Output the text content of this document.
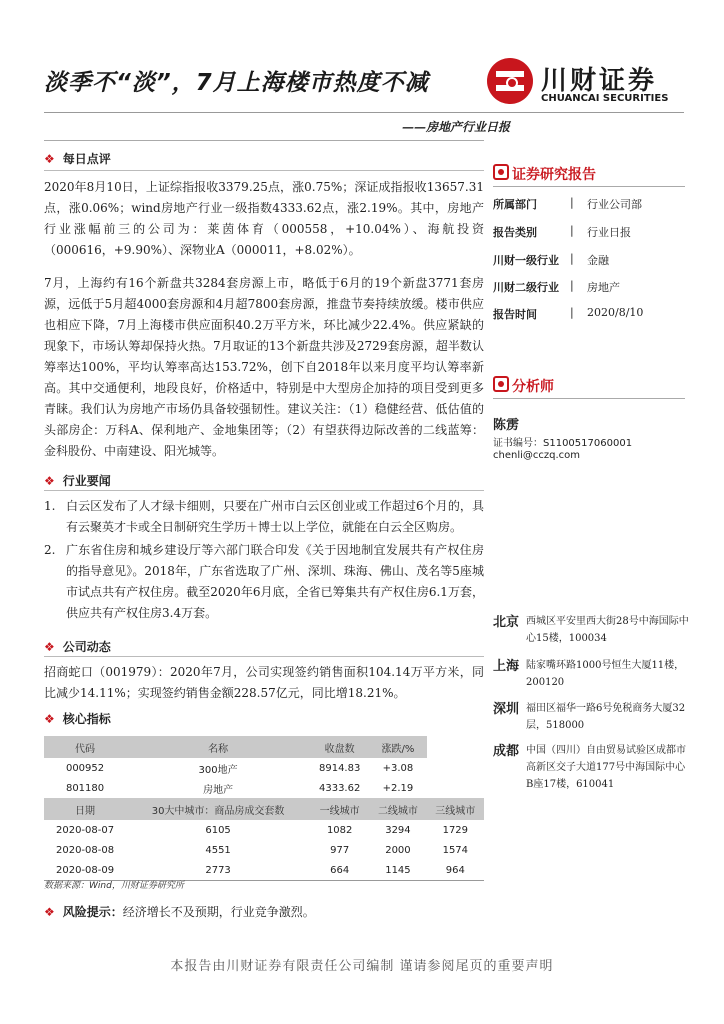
淡季不“淡”，7月上海楼市热度不减	川财证券
CHUANCAI SECURITIES
——房地产行业日报
❖ 每日点评
2020年8月10日，上证综指报收3379.25点，涨0.75%；深证成指报收13657.31点，涨0.06%；wind房地产行业一级指数4333.62点，涨2.19%。其中，房地产行业涨幅前三的公司为：莱茵体育（000558，+10.04%）、海航投资（000616，+9.90%）、深物业A（000011，+8.02%）。
7月，上海约有16个新盘共3284套房源上市，略低于6月的19个新盘3771套房源，远低于5月超4000套房源和4月超7800套房源，推盘节奏持续放缓。楼市供应也相应下降，7月上海楼市供应面积40.2万平方米，环比减少22.4%。供应紧缺的现象下，市场认筹却保持火热。7月取证的13个新盘共涉及2729套房源，超半数认筹率达100%，平均认筹率高达153.72%，创下自2018年以来月度平均认筹率新高。其中交通便利，地段良好，价格适中，特别是中大型房企加持的项目受到更多青睐。我们认为房地产市场仍具备较强韧性。建议关注：（1）稳健经营、低估值的头部房企：万科A、保利地产、金地集团等；（2）有望获得边际改善的二线蓝筹：金科股份、中南建设、阳光城等。
❖ 行业要闻
1. 白云区发布了人才绿卡细则，只要在广州市白云区创业或工作超过6个月的，具有云聚英才卡或全日制研究生学历＋博士以上学位，就能在白云全区购房。
2. 广东省住房和城乡建设厅等六部门联合印发《关于因地制宜发展共有产权住房的指导意见》。2018年，广东省选取了广州、深圳、珠海、佛山、茂名等5座城市试点共有产权住房。截至2020年6月底，全省已筹集共有产权住房6.1万套，供应共有产权住房3.4万套。
❖ 公司动态
招商蛇口（001979）：2020年7月，公司实现签约销售面积104.14万平方米，同比减少14.11%；实现签约销售金额228.57亿元，同比增18.21%。
❖ 核心指标
代码	名称	收盘数	涨跌/%	
000952	300地产	8914.83	+3.08	
801180	房地产	4333.62	+2.19	
日期	30大中城市：商品房成交套数	一线城市	二线城市	三线城市
2020-08-07	6105	1082	3294	1729
2020-08-08	4551	977	2000	1574
2020-08-09	2773	664	1145	964
数据来源：Wind，川财证券研究所
❖ 风险提示：经济增长不及预期，行业竞争激烈。
本报告由川财证券有限责任公司编制 谨请参阅尾页的重要声明
证券研究报告
所属部门	| 行业公司部
报告类别	| 行业日报
川财一级行业 | 金融
川财二级行业 | 房地产
报告时间	| 2020/8/10
分析师
陈雳
证书编号：S1100517060001
chenli@cczq.com
北京 西城区平安里西大街28号中海国际中心15楼，100034
上海 陆家嘴环路1000号恒生大厦11楼，200120
深圳 福田区福华一路6号免税商务大厦32层，518000
成都 中国（四川）自由贸易试验区成都市高新区交子大道177号中海国际中心B座17楼，610041
